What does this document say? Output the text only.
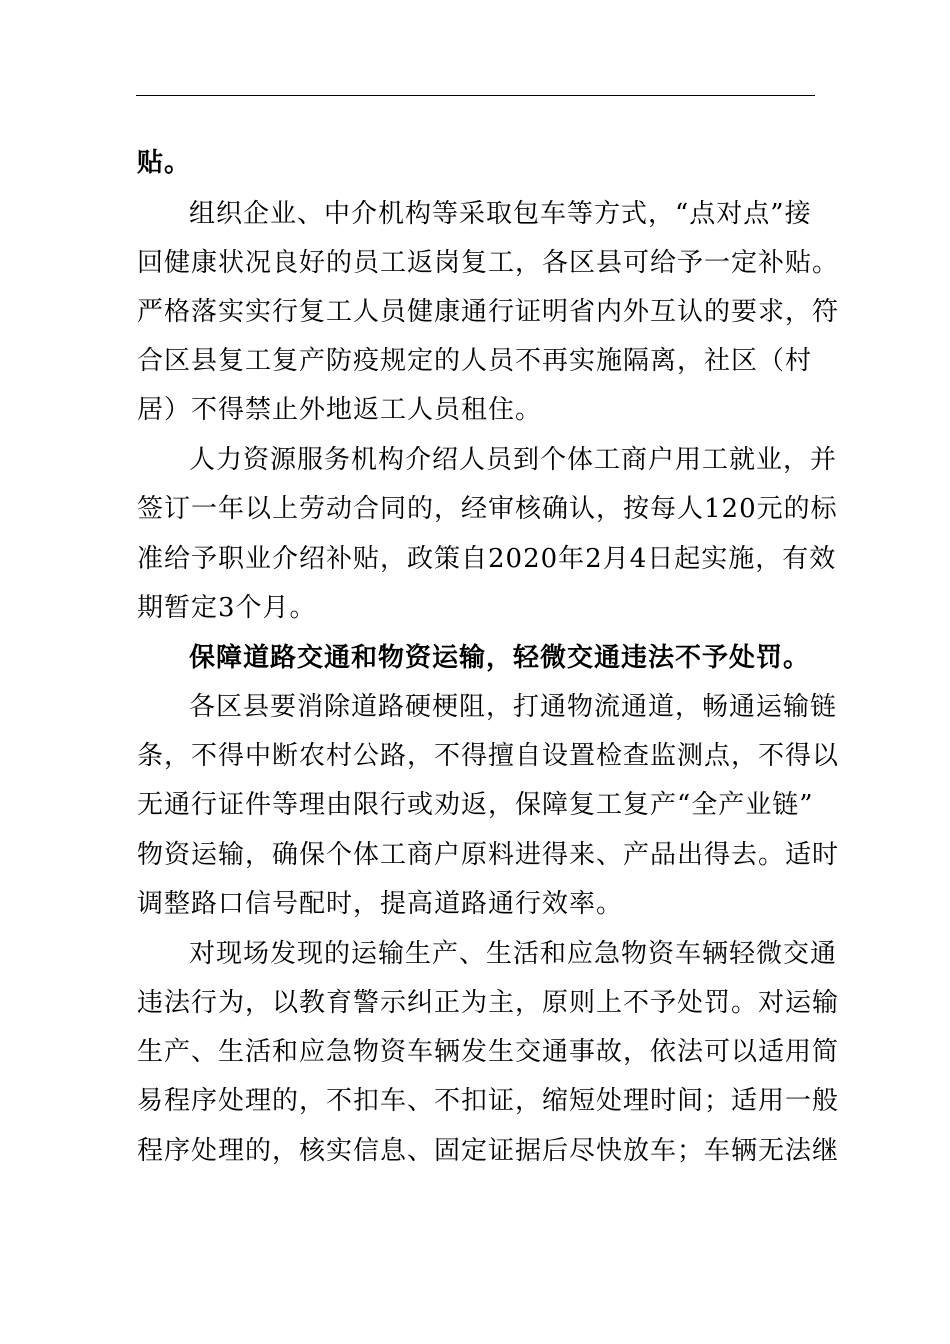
贴。
组织企业、中介机构等采取包车等方式，“点对点”接
回健康状况良好的员工返岗复工，各区县可给予一定补贴。
严格落实实行复工人员健康通行证明省内外互认的要求，符
合区县复工复产防疫规定的人员不再实施隔离，社区（村
居）不得禁止外地返工人员租住。
人力资源服务机构介绍人员到个体工商户用工就业，并
签订一年以上劳动合同的，经审核确认，按每人120元的标
准给予职业介绍补贴，政策自2020年2月4日起实施，有效
期暂定3个月。
保障道路交通和物资运输，轻微交通违法不予处罚。
各区县要消除道路硬梗阻，打通物流通道，畅通运输链
条，不得中断农村公路，不得擅自设置检查监测点，不得以
无通行证件等理由限行或劝返，保障复工复产“全产业链”
物资运输，确保个体工商户原料进得来、产品出得去。适时
调整路口信号配时，提高道路通行效率。
对现场发现的运输生产、生活和应急物资车辆轻微交通
违法行为，以教育警示纠正为主，原则上不予处罚。对运输
生产、生活和应急物资车辆发生交通事故，依法可以适用简
易程序处理的，不扣车、不扣证，缩短处理时间；适用一般
程序处理的，核实信息、固定证据后尽快放车；车辆无法继
